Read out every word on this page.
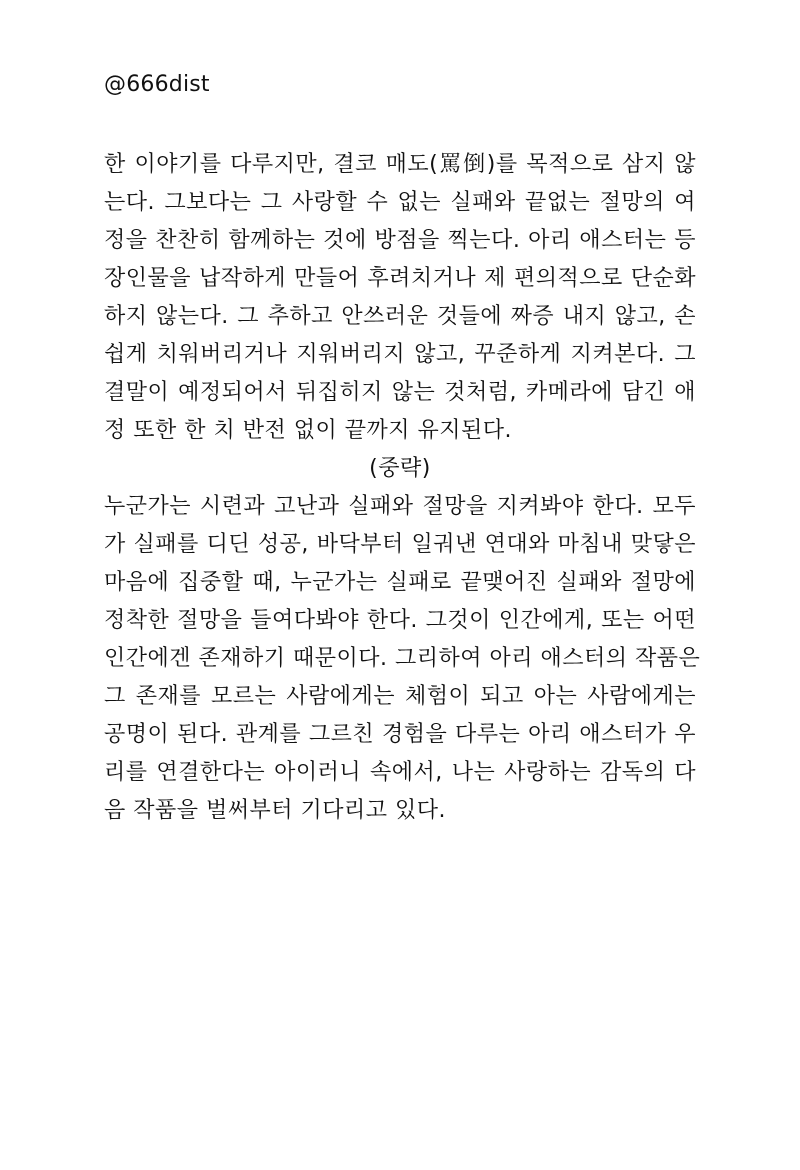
@666dist
한 이야기를 다루지만, 결코 매도(罵倒)를 목적으로 삼지 않
는다. 그보다는 그 사랑할 수 없는 실패와 끝없는 절망의 여
정을 찬찬히 함께하는 것에 방점을 찍는다. 아리 애스터는 등
장인물을 납작하게 만들어 후려치거나 제 편의적으로 단순화
하지 않는다. 그 추하고 안쓰러운 것들에 짜증 내지 않고, 손
쉽게 치워버리거나 지워버리지 않고, 꾸준하게 지켜본다. 그
결말이 예정되어서 뒤집히지 않는 것처럼, 카메라에 담긴 애
정 또한 한 치 반전 없이 끝까지 유지된다.
(중략)
누군가는 시련과 고난과 실패와 절망을 지켜봐야 한다. 모두
가 실패를 디딘 성공, 바닥부터 일궈낸 연대와 마침내 맞닿은
마음에 집중할 때, 누군가는 실패로 끝맺어진 실패와 절망에
정착한 절망을 들여다봐야 한다. 그것이 인간에게, 또는 어떤
인간에겐 존재하기 때문이다. 그리하여 아리 애스터의 작품은
그 존재를 모르는 사람에게는 체험이 되고 아는 사람에게는
공명이 된다. 관계를 그르친 경험을 다루는 아리 애스터가 우
리를 연결한다는 아이러니 속에서, 나는 사랑하는 감독의 다
음 작품을 벌써부터 기다리고 있다.
